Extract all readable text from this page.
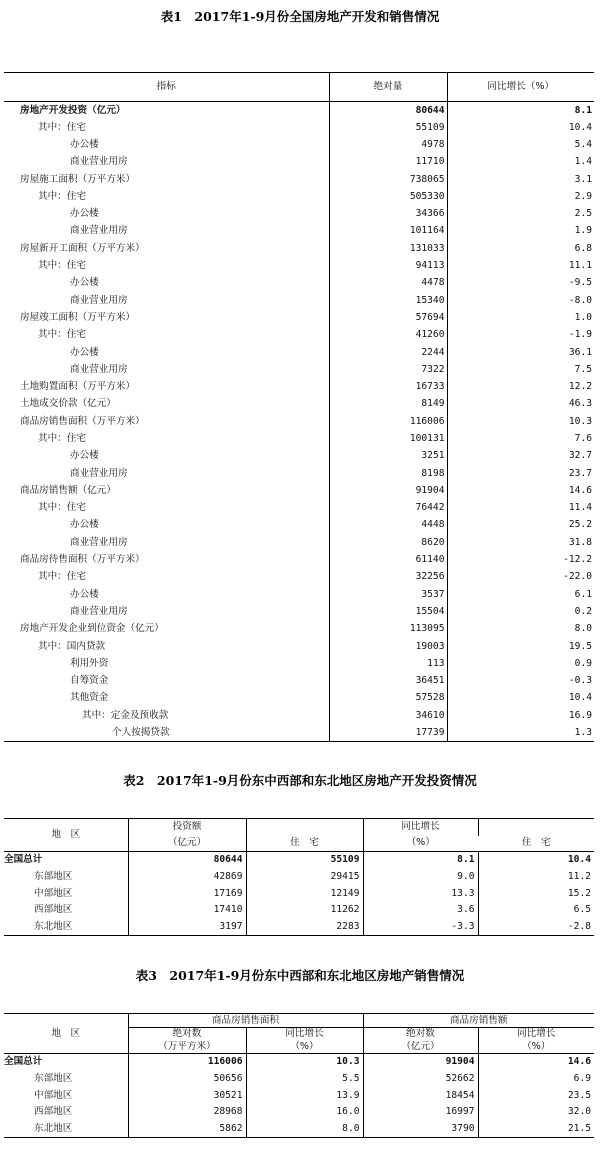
表1　2017年1-9月份全国房地产开发和销售情况
指标	绝对量	同比增长（%）
房地产开发投资（亿元）	80644	8.1
其中：住宅	55109	10.4
办公楼	4978	5.4
商业营业用房	11710	1.4
房屋施工面积（万平方米）	738065	3.1
其中：住宅	505330	2.9
办公楼	34366	2.5
商业营业用房	101164	1.9
房屋新开工面积（万平方米）	131033	6.8
其中：住宅	94113	11.1
办公楼	4478	-9.5
商业营业用房	15340	-8.0
房屋竣工面积（万平方米）	57694	1.0
其中：住宅	41260	-1.9
办公楼	2244	36.1
商业营业用房	7322	7.5
土地购置面积（万平方米）	16733	12.2
土地成交价款（亿元）	8149	46.3
商品房销售面积（万平方米）	116006	10.3
其中：住宅	100131	7.6
办公楼	3251	32.7
商业营业用房	8198	23.7
商品房销售额（亿元）	91904	14.6
其中：住宅	76442	11.4
办公楼	4448	25.2
商业营业用房	8620	31.8
商品房待售面积（万平方米）	61140	-12.2
其中：住宅	32256	-22.0
办公楼	3537	6.1
商业营业用房	15504	0.2
房地产开发企业到位资金（亿元）	113095	8.0
其中：国内贷款	19003	19.5
利用外资	113	0.9
自筹资金	36451	-0.3
其他资金	57528	10.4
其中：定金及预收款	34610	16.9
个人按揭贷款	17739	1.3
表2　2017年1-9月份东中西部和东北地区房地产开发投资情况
地　区	投资额	住　宅	同比增长	住　宅
	（亿元）		（%）	
全国总计	80644	55109	8.1	10.4
东部地区	42869	29415	9.0	11.2
中部地区	17169	12149	13.3	15.2
西部地区	17410	11262	3.6	6.5
东北地区	3197	2283	-3.3	-2.8
表3　2017年1-9月份东中西部和东北地区房地产销售情况
地　区	商品房销售面积		商品房销售额	
	绝对数	同比增长	绝对数	同比增长
	（万平方米）	（%）	（亿元）	（%）
全国总计	116006	10.3	91904	14.6
东部地区	50656	5.5	52662	6.9
中部地区	30521	13.9	18454	23.5
西部地区	28968	16.0	16997	32.0
东北地区	5862	8.0	3790	21.5
